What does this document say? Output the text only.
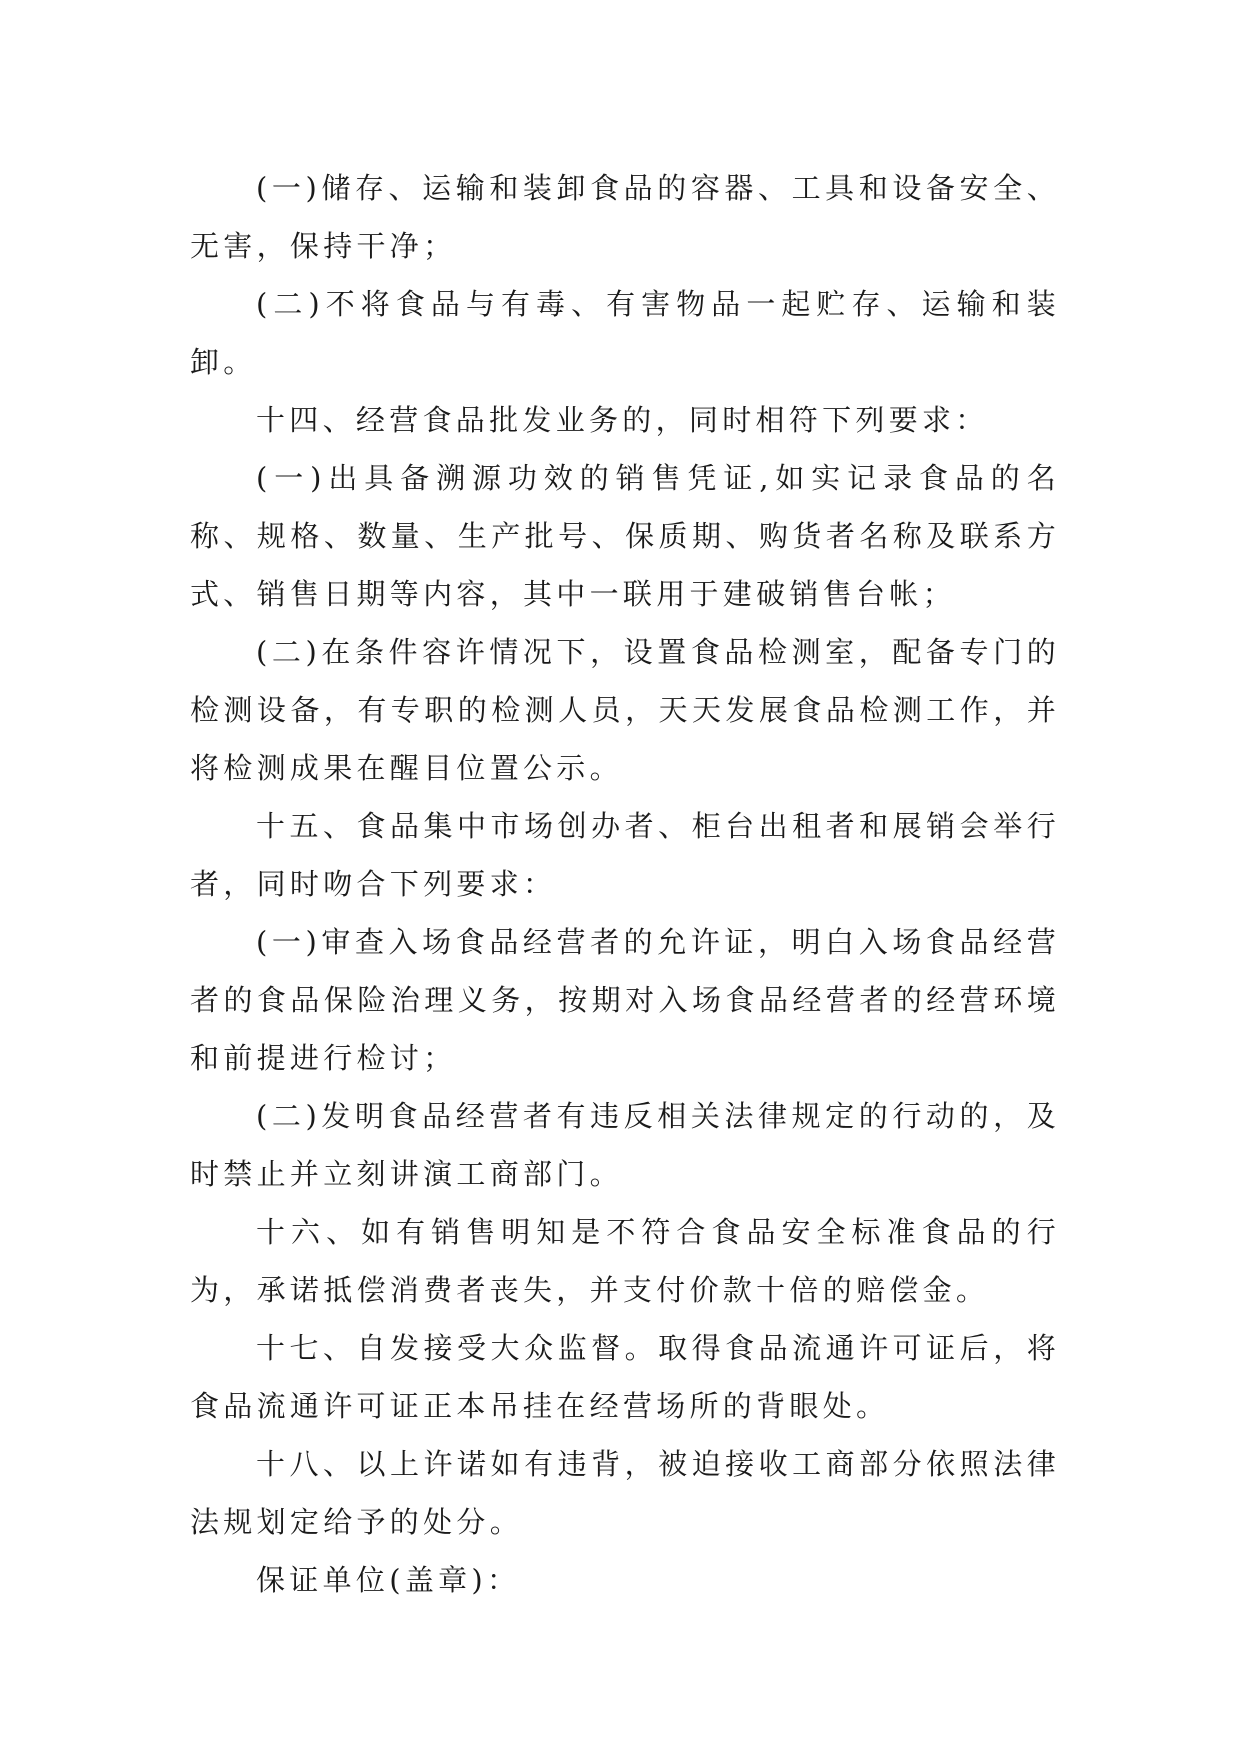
(一)储存、运输和装卸食品的容器、工具和设备安全、无害，保持干净；

(二)不将食品与有毒、有害物品一起贮存、运输和装卸。

十四、经营食品批发业务的，同时相符下列要求：

(一)出具备溯源功效的销售凭证,如实记录食品的名称、规格、数量、生产批号、保质期、购货者名称及联系方式、销售日期等内容，其中一联用于建破销售台帐；

(二)在条件容许情况下，设置食品检测室，配备专门的检测设备，有专职的检测人员，天天发展食品检测工作，并将检测成果在醒目位置公示。

十五、食品集中市场创办者、柜台出租者和展销会举行者，同时吻合下列要求：

(一)审查入场食品经营者的允许证，明白入场食品经营者的食品保险治理义务，按期对入场食品经营者的经营环境和前提进行检讨；

(二)发明食品经营者有违反相关法律规定的行动的，及时禁止并立刻讲演工商部门。

十六、如有销售明知是不符合食品安全标准食品的行为，承诺抵偿消费者丧失，并支付价款十倍的赔偿金。

十七、自发接受大众监督。取得食品流通许可证后，将食品流通许可证正本吊挂在经营场所的背眼处。

十八、以上许诺如有违背，被迫接收工商部分依照法律法规划定给予的处分。

保证单位(盖章)：
